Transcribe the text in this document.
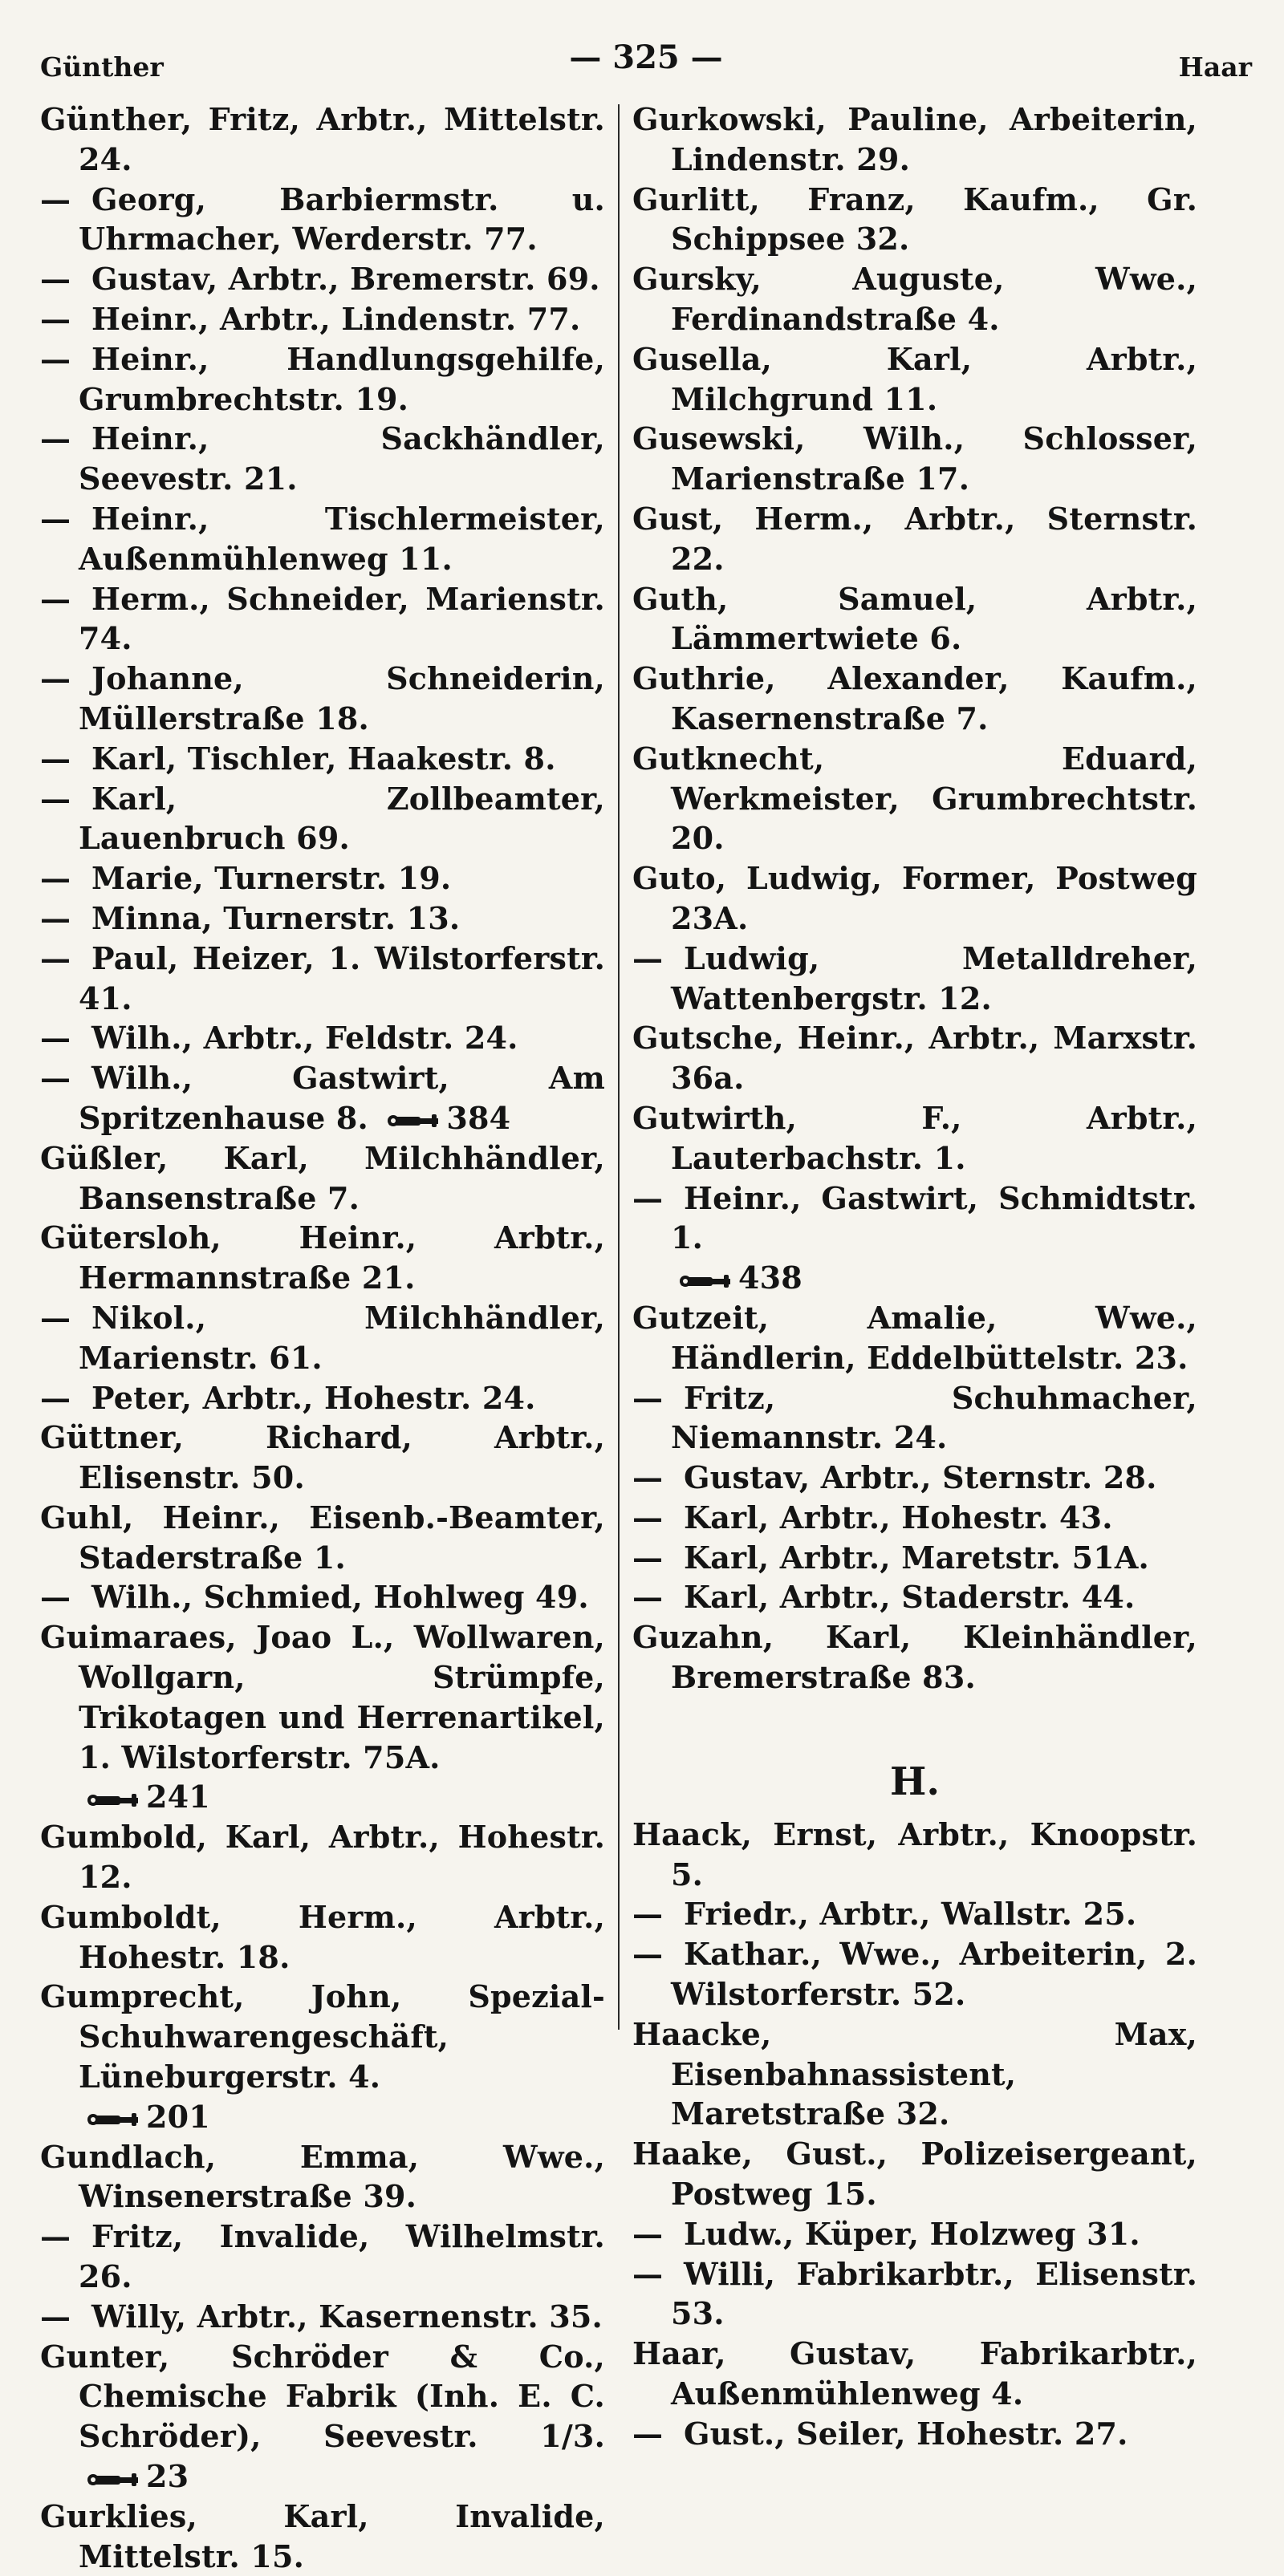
Günther	— 325 —	Haar
Günther, Fritz, Arbtr., Mittelstr. 24.
— Georg, Barbiermstr. u. Uhrmacher, Werderstr. 77.
— Gustav, Arbtr., Bremerstr. 69.
— Heinr., Arbtr., Lindenstr. 77.
— Heinr., Handlungsgehilfe, Grumbrechtstr. 19.
— Heinr., Sackhändler, Seevestr. 21.
— Heinr., Tischlermeister, Außenmühlenweg 11.
— Herm., Schneider, Marienstr. 74.
— Johanne, Schneiderin, Müllerstraße 18.
— Karl, Tischler, Haakestr. 8.
— Karl, Zollbeamter, Lauenbruch 69.
— Marie, Turnerstr. 19.
— Minna, Turnerstr. 13.
— Paul, Heizer, 1. Wilstorferstr. 41.
— Wilh., Arbtr., Feldstr. 24.
— Wilh., Gastwirt, Am Spritzenhause 8.	384
Güßler, Karl, Milchhändler, Bansenstraße 7.
Gütersloh, Heinr., Arbtr., Hermannstraße 21.
— Nikol., Milchhändler, Marienstr. 61.
— Peter, Arbtr., Hohestr. 24.
Güttner, Richard, Arbtr., Elisenstr. 50.
Guhl, Heinr., Eisenb.-Beamter, Staderstraße 1.
— Wilh., Schmied, Hohlweg 49.
Guimaraes, Joao L., Wollwaren, Wollgarn, Strümpfe, Trikotagen und Herrenartikel, 1. Wilstorferstr. 75A.

241
Gumbold, Karl, Arbtr., Hohestr. 12.
Gumboldt, Herm., Arbtr., Hohestr. 18.
Gumprecht, John, Spezial-Schuhwarengeschäft, Lüneburgerstr. 4.

201
Gundlach, Emma, Wwe., Winsenerstraße 39.
— Fritz, Invalide, Wilhelmstr. 26.
— Willy, Arbtr., Kasernenstr. 35.
Gunter, Schröder & Co., Chemische Fabrik (Inh. E. C. Schröder), Seevestr. 1/3.
23
Gurklies, Karl, Invalide, Mittelstr. 15.
Gurkowski, Pauline, Arbeiterin, Lindenstr. 29.
Gurlitt, Franz, Kaufm., Gr. Schippsee 32.
Gursky, Auguste, Wwe., Ferdinandstraße 4.
Gusella, Karl, Arbtr., Milchgrund 11.
Gusewski, Wilh., Schlosser, Marienstraße 17.
Gust, Herm., Arbtr., Sternstr. 22.
Guth, Samuel, Arbtr., Lämmertwiete 6.
Guthrie, Alexander, Kaufm., Kasernenstraße 7.
Gutknecht, Eduard, Werkmeister, Grumbrechtstr. 20.
Guto, Ludwig, Former, Postweg 23A.
— Ludwig, Metalldreher, Wattenbergstr. 12.
Gutsche, Heinr., Arbtr., Marxstr. 36a.
Gutwirth, F., Arbtr., Lauterbachstr. 1.
— Heinr., Gastwirt, Schmidtstr. 1.

438
Gutzeit, Amalie, Wwe., Händlerin, Eddelbüttelstr. 23.
— Fritz, Schuhmacher, Niemannstr. 24.
— Gustav, Arbtr., Sternstr. 28.
— Karl, Arbtr., Hohestr. 43.
— Karl, Arbtr., Maretstr. 51A.
— Karl, Arbtr., Staderstr. 44.
Guzahn, Karl, Kleinhändler, Bremerstraße 83.
H.
Haack, Ernst, Arbtr., Knoopstr. 5.
— Friedr., Arbtr., Wallstr. 25.
— Kathar., Wwe., Arbeiterin, 2. Wilstorferstr. 52.
Haacke, Max, Eisenbahnassistent, Maretstraße 32.
Haake, Gust., Polizeisergeant, Postweg 15.
— Ludw., Küper, Holzweg 31.
— Willi, Fabrikarbtr., Elisenstr. 53.
Haar, Gustav, Fabrikarbtr., Außenmühlenweg 4.
— Gust., Seiler, Hohestr. 27.
